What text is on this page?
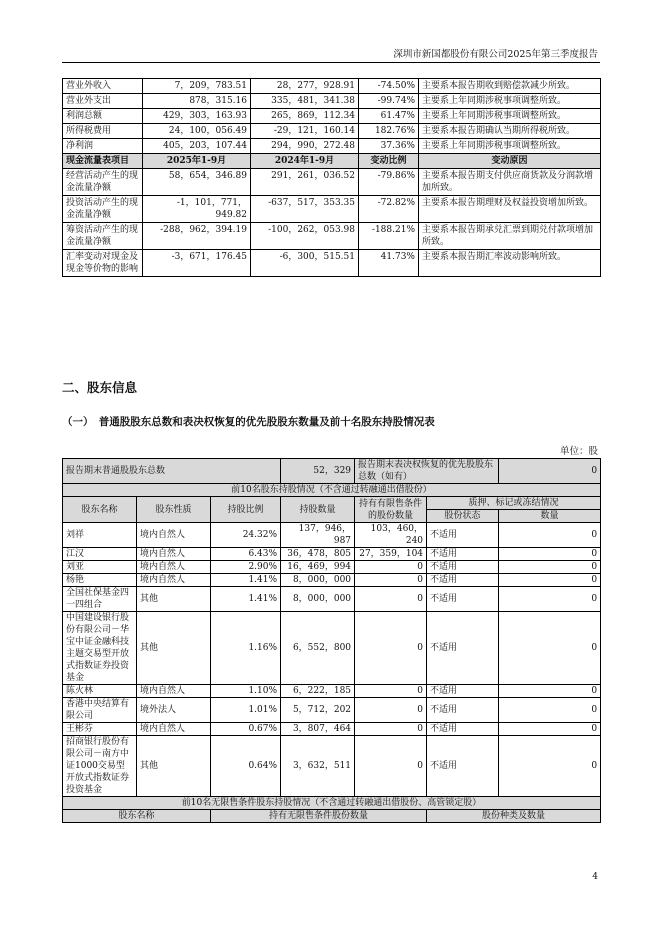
深圳市新国都股份有限公司2025年第三季度报告
营业外收入	7，209，783.51	28，277，928.91	-74.50%	主要系本报告期收到赔偿款减少所致。
营业外支出	878，315.16	335，481，341.38	-99.74%	主要系上年同期涉税事项调整所致。
利润总额	429，303，163.93	265，869，112.34	61.47%	主要系上年同期涉税事项调整所致。
所得税费用	24，100，056.49	-29，121，160.14	182.76%	主要系本报告期确认当期所得税所致。
净利润	405，203，107.44	294，990，272.48	37.36%	主要系上年同期涉税事项调整所致。
现金流量表项目	2025年1-9月	2024年1-9月	变动比例	变动原因
经营活动产生的现金流量净额	58，654，346.89	291，261，036.52	-79.86%	主要系本报告期支付供应商货款及分润款增加所致。
投资活动产生的现金流量净额	-1，101，771，949.82	-637，517，353.35	-72.82%	主要系本报告期理财及权益投资增加所致。
筹资活动产生的现金流量净额	-288，962，394.19	-100，262，053.98	-188.21%	主要系本报告期承兑汇票到期兑付款项增加所致。
汇率变动对现金及现金等价物的影响	-3，671，176.45	-6，300，515.51	41.73%	主要系本报告期汇率波动影响所致。
二、股东信息
（一）　普通股股东总数和表决权恢复的优先股股东数量及前十名股东持股情况表
单位：股
报告期末普通股股东总数			52，329	报告期末表决权恢复的优先股股东总数（如有）		0
前10名股东持股情况（不含通过转融通出借股份）						
股东名称	股东性质	持股比例	持股数量	持有有限售条件的股份数量	质押、标记或冻结情况	
					股份状态	数量
刘祥	境内自然人	24.32%	137，946，987	103，460，240	不适用	0
江汉	境内自然人	6.43%	36，478，805	27，359，104	不适用	0
刘亚	境内自然人	2.90%	16，469，994	0	不适用	0
杨艳	境内自然人	1.41%	8，000，000	0	不适用	0
全国社保基金四一四组合	其他	1.41%	8，000，000	0	不适用	0
中国建设银行股份有限公司－华宝中证金融科技主题交易型开放式指数证券投资基金	其他	1.16%	6，552，800	0	不适用	0
陈火林	境内自然人	1.10%	6，222，185	0	不适用	0
香港中央结算有限公司	境外法人	1.01%	5，712，202	0	不适用	0
王彬芬	境内自然人	0.67%	3，807，464	0	不适用	0
招商银行股份有限公司－南方中证1000交易型开放式指数证券投资基金	其他	0.64%	3，632，511	0	不适用	0
前10名无限售条件股东持股情况（不含通过转融通出借股份、高管锁定股）						
股东名称		持有无限售条件股份数量			股份种类及数量	
4
